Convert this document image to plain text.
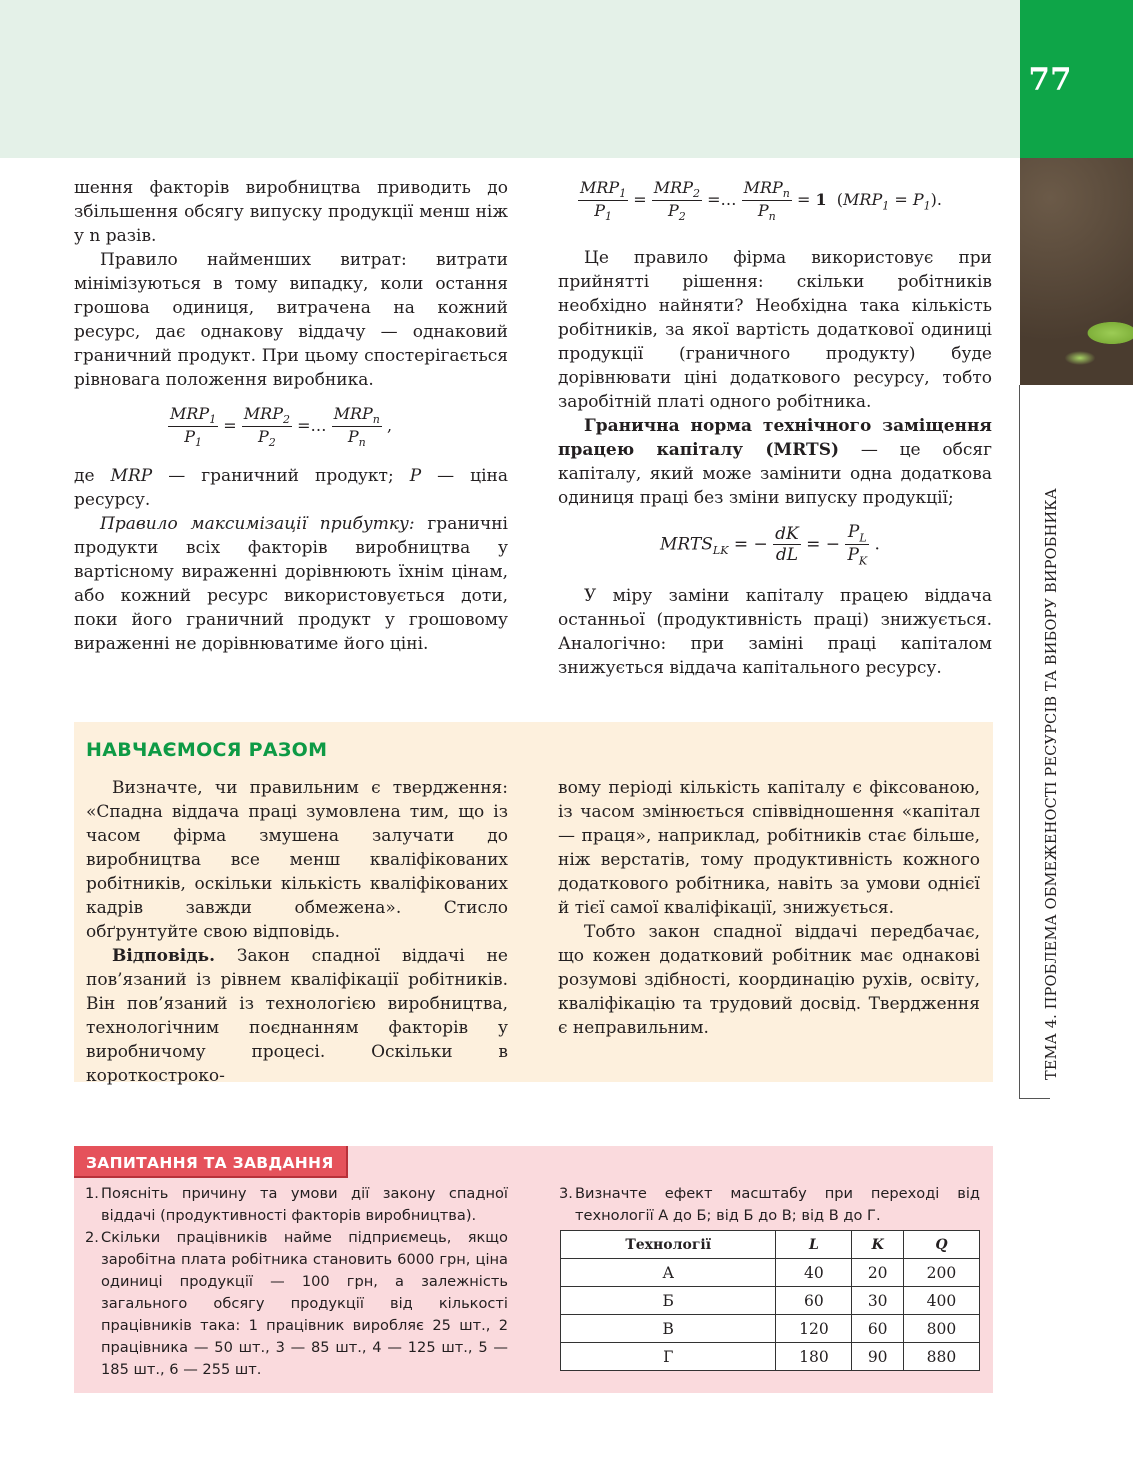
77
ТЕМА 4. ПРОБЛЕМА ОБМЕЖЕНОСТІ РЕСУРСІВ ТА ВИБОРУ ВИРОБНИКА

шення факторів виробництва приводить до збільшення обсягу випуску продукції менш ніж у n разів.

Правило найменших витрат: витрати мінімізуються в тому випадку, коли остання грошова одиниця, витрачена на кожний ресурс, дає однакову віддачу — однаковий граничний продукт. При цьому спостерігається рівновага положення виробника.

$\frac{MRP_1}{P_1} = \frac{MRP_2}{P_2}$ =… $\frac{MRP_n}{P_n}$ ,

де MRP — граничний продукт; P — ціна ресурсу.

Правило максимізації прибутку: граничні продукти всіх факторів виробництва у вартісному вираженні дорівнюють їхнім цінам, або кожний ресурс використовується доти, поки його граничний продукт у грошовому вираженні не дорівнюватиме його ціні.

$\frac{MRP_1}{P_1} = \frac{MRP_2}{P_2}$ =… $\frac{MRP_n}{P_n} = 1$  $(MRP_1 = P_1)$.

Це правило фірма використовує при прийнятті рішення: скільки робітників необхідно найняти? Необхідна така кількість робітників, за якої вартість додаткової одиниці продукції (граничного продукту) буде дорівнювати ціні додаткового ресурсу, тобто заробітній платі одного робітника.

Гранична норма технічного заміщення працею капіталу (MRTS) — це обсяг капіталу, який може замінити одна додаткова одиниця праці без зміни випуску продукції;

$MRTS_{LK}$ = − $\frac{dK}{dL}$ = − $\frac{P_L}{P_K}$ .

У міру заміни капіталу працею віддача останньої (продуктивність праці) знижується. Аналогічно: при заміні праці капіталом знижується віддача капітального ресурсу.

НАВЧАЄМОСЯ РАЗОМ

Визначте, чи правильним є твердження: «Спадна віддача праці зумовлена тим, що із часом фірма змушена залучати до виробництва все менш кваліфікованих робітників, оскільки кількість кваліфікованих кадрів завжди обмежена». Стисло обґрунтуйте свою відповідь.

Відповідь. Закон спадної віддачі не пов’язаний із рівнем кваліфікації робітників. Він пов’язаний із технологією виробництва, технологічним поєднанням факторів у виробничому процесі. Оскільки в короткостроко-

вому періоді кількість капіталу є фіксованою, із часом змінюється співвідношення «капітал — праця», наприклад, робітників стає більше, ніж верстатів, тому продуктивність кожного додаткового робітника, навіть за умови однієї й тієї самої кваліфікації, знижується.

Тобто закон спадної віддачі передбачає, що кожен додатковий робітник має однакові розумові здібності, координацію рухів, освіту, кваліфікацію та трудовий досвід. Твердження є неправильним.

ЗАПИТАННЯ ТА ЗАВДАННЯ
1. Поясніть причину та умови дії закону спадної віддачі (продуктивності факторів виробництва).
2. Скільки працівників найме підприємець, якщо заробітна плата робітника становить 6000 грн, ціна одиниці продукції — 100 грн, а залежність загального обсягу продукції від кількості працівників така: 1 працівник виробляє 25 шт., 2 працівника — 50 шт., 3 — 85 шт., 4 — 125 шт., 5 — 185 шт., 6 — 255 шт.
3. Визначте ефект масштабу при переході від технології А до Б; від Б до В; від В до Г.
Технології	L	K	Q
А	40	20	200
Б	60	30	400
В	120	60	800
Г	180	90	880
